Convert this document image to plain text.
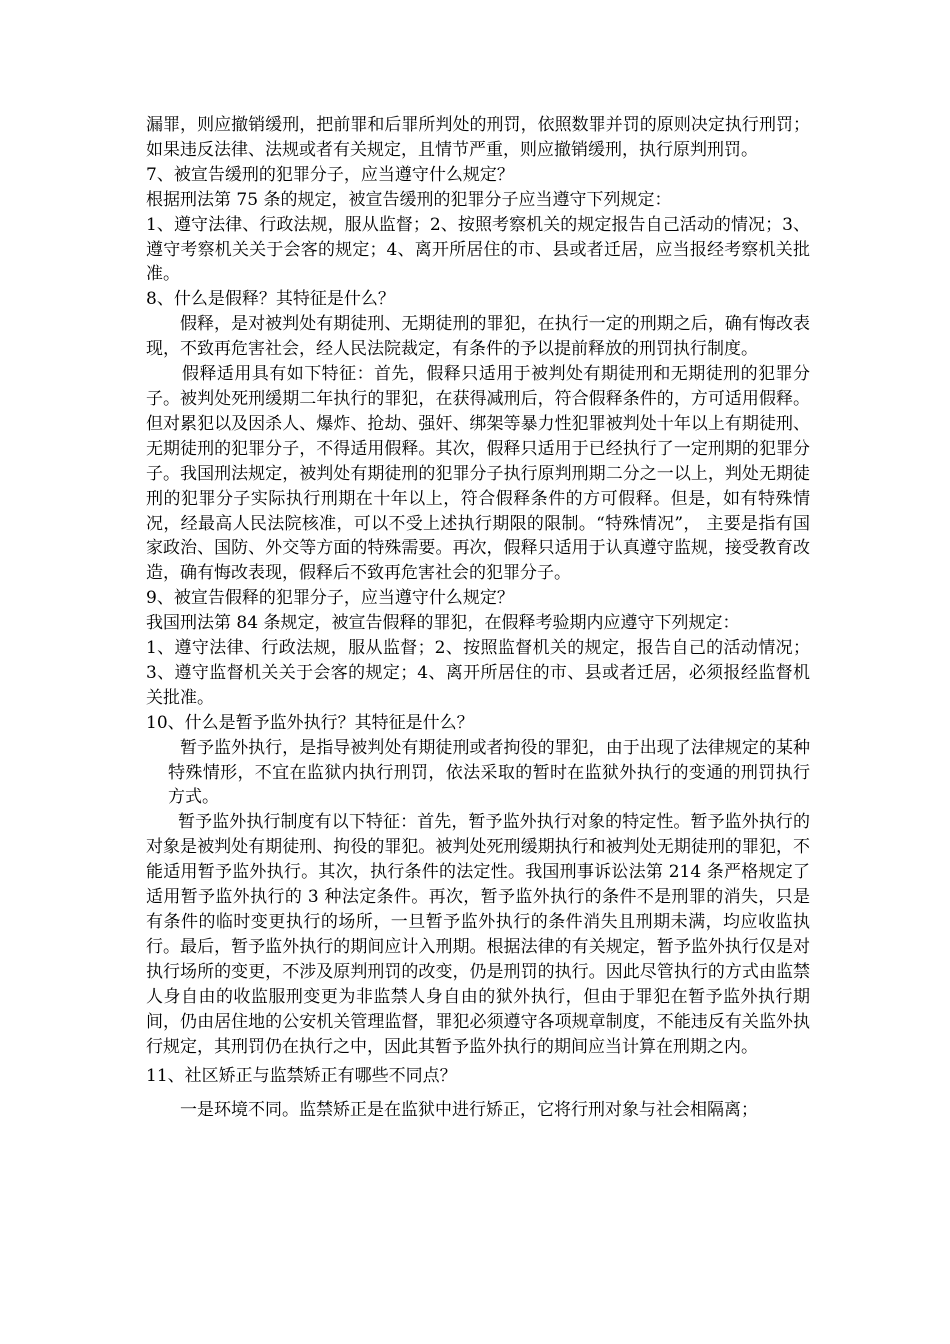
漏罪，则应撤销缓刑，把前罪和后罪所判处的刑罚，依照数罪并罚的原则决定执行刑罚；如果违反法律、法规或者有关规定，且情节严重，则应撤销缓刑，执行原判刑罚。

7、被宣告缓刑的犯罪分子，应当遵守什么规定？

根据刑法第 75 条的规定，被宣告缓刑的犯罪分子应当遵守下列规定：

1、遵守法律、行政法规，服从监督；2、按照考察机关的规定报告自己活动的情况；3、遵守考察机关关于会客的规定；4、离开所居住的市、县或者迁居，应当报经考察机关批准。

8、什么是假释？其特征是什么？

假释，是对被判处有期徒刑、无期徒刑的罪犯，在执行一定的刑期之后，确有悔改表现，不致再危害社会，经人民法院裁定，有条件的予以提前释放的刑罚执行制度。

假释适用具有如下特征：首先，假释只适用于被判处有期徒刑和无期徒刑的犯罪分子。被判处死刑缓期二年执行的罪犯，在获得减刑后，符合假释条件的，方可适用假释。但对累犯以及因杀人、爆炸、抢劫、强奸、绑架等暴力性犯罪被判处十年以上有期徒刑、无期徒刑的犯罪分子，不得适用假释。其次，假释只适用于已经执行了一定刑期的犯罪分子。我国刑法规定，被判处有期徒刑的犯罪分子执行原判刑期二分之一以上，判处无期徒刑的犯罪分子实际执行刑期在十年以上，符合假释条件的方可假释。但是，如有特殊情况，经最高人民法院核准，可以不受上述执行期限的限制。“特殊情况”， 主要是指有国家政治、国防、外交等方面的特殊需要。再次，假释只适用于认真遵守监规，接受教育改造，确有悔改表现，假释后不致再危害社会的犯罪分子。

9、被宣告假释的犯罪分子，应当遵守什么规定？

我国刑法第 84 条规定，被宣告假释的罪犯，在假释考验期内应遵守下列规定：

1、遵守法律、行政法规，服从监督；2、按照监督机关的规定，报告自己的活动情况；3、遵守监督机关关于会客的规定；4、离开所居住的市、县或者迁居，必须报经监督机关批准。

10、什么是暂予监外执行？其特征是什么？

暂予监外执行，是指导被判处有期徒刑或者拘役的罪犯，由于出现了法律规定的某种特殊情形，不宜在监狱内执行刑罚，依法采取的暂时在监狱外执行的变通的刑罚执行方式。

暂予监外执行制度有以下特征：首先，暂予监外执行对象的特定性。暂予监外执行的对象是被判处有期徒刑、拘役的罪犯。被判处死刑缓期执行和被判处无期徒刑的罪犯，不能适用暂予监外执行。其次，执行条件的法定性。我国刑事诉讼法第 214 条严格规定了适用暂予监外执行的 3 种法定条件。再次，暂予监外执行的条件不是刑罪的消失，只是有条件的临时变更执行的场所，一旦暂予监外执行的条件消失且刑期未满，均应收监执行。最后，暂予监外执行的期间应计入刑期。根据法律的有关规定，暂予监外执行仅是对执行场所的变更，不涉及原判刑罚的改变，仍是刑罚的执行。因此尽管执行的方式由监禁人身自由的收监服刑变更为非监禁人身自由的狱外执行，但由于罪犯在暂予监外执行期间，仍由居住地的公安机关管理监督，罪犯必须遵守各项规章制度，不能违反有关监外执行规定，其刑罚仍在执行之中，因此其暂予监外执行的期间应当计算在刑期之内。

11、社区矫正与监禁矫正有哪些不同点？

一是环境不同。监禁矫正是在监狱中进行矫正，它将行刑对象与社会相隔离；
